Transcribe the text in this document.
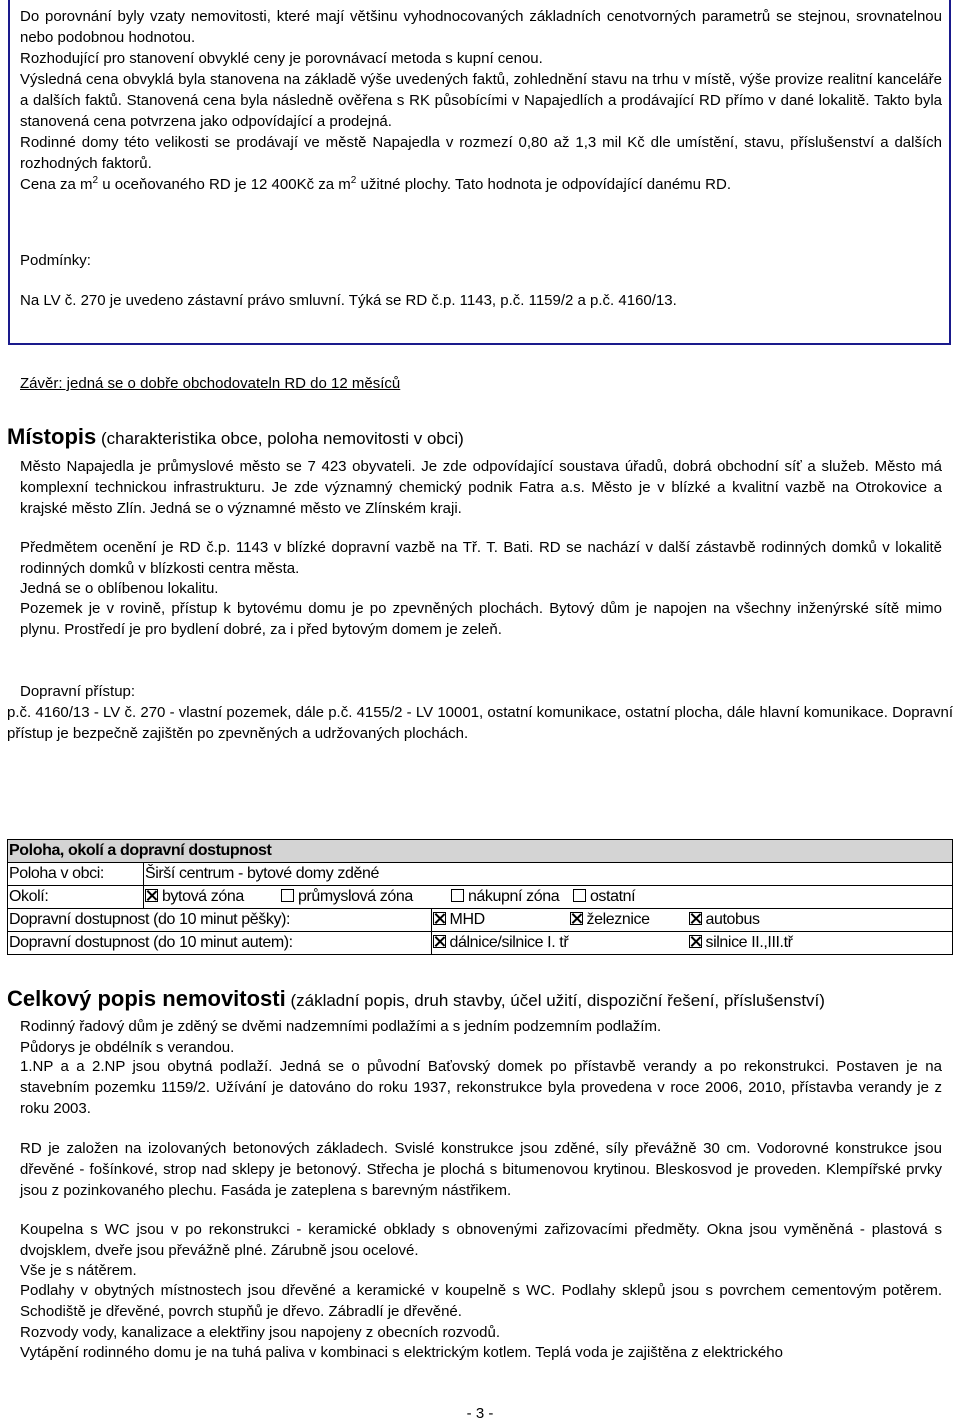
Do porovnání byly vzaty nemovitosti, které mají většinu vyhodnocovaných základních cenotvorných parametrů se stejnou, srovnatelnou nebo podobnou hodnotou.

Rozhodující pro stanovení obvyklé ceny je porovnávací metoda s kupní cenou.

Výsledná cena obvyklá byla stanovena na základě výše uvedených faktů, zohlednění stavu na trhu v místě, výše provize realitní kanceláře a dalších faktů. Stanovená cena byla následně ověřena s RK působícími v Napajedlích a prodávající RD přímo v dané lokalitě. Takto byla stanovená cena potvrzena jako odpovídající a prodejná.

Rodinné domy této velikosti se prodávají ve městě Napajedla v rozmezí 0,80 až 1,3 mil Kč dle umístění, stavu, příslušenství a dalších rozhodných faktorů.

Cena za $m^2$ u oceňovaného RD je 12 400Kč za $m^2$ užitné plochy. Tato hodnota je odpovídající danému RD.

Podmínky:

Na LV č. 270 je uvedeno zástavní právo smluvní. Týká se RD č.p. 1143, p.č. 1159/2 a p.č. 4160/13.

Závěr: jedná se o dobře obchodovateln RD do 12 měsíců

Místopis (charakteristika obce, poloha nemovitosti v obci)

Město Napajedla je průmyslové město se 7 423 obyvateli. Je zde odpovídající soustava úřadů, dobrá obchodní síť a služeb. Město má komplexní technickou infrastrukturu. Je zde významný chemický podnik Fatra a.s. Město je v blízké a kvalitní vazbě na Otrokovice a krajské město Zlín. Jedná se o významné město ve Zlínském kraji.

Předmětem ocenění je RD č.p. 1143 v blízké dopravní vazbě na Tř. T. Bati. RD se nachází v další zástavbě rodinných domků v lokalitě rodinných domků v blízkosti centra města.

Jedná se o oblíbenou lokalitu.

Pozemek je v rovině, přístup k bytovému domu je po zpevněných plochách. Bytový dům je napojen na všechny inženýrské sítě mimo plynu. Prostředí je pro bydlení dobré, za i před bytovým domem je zeleň.

Dopravní přístup:

p.č. 4160/13 - LV č. 270 - vlastní pozemek, dále p.č. 4155/2 - LV 10001, ostatní komunikace, ostatní plocha, dále hlavní komunikace. Dopravní přístup je bezpečně zajištěn po zpevněných a udržovaných plochách.

Poloha, okolí a dopravní dostupnost		
Poloha v obci:	Širší centrum - bytové domy zděné	
Okolí:	bytová zóna průmyslová zóna nákupní zóna ostatní	
Dopravní dostupnost (do 10 minut pěšky):		MHD železnice autobus
Dopravní dostupnost (do 10 minut autem):		dálnice/silnice I. tř silnice II.,III.tř
Celkový popis nemovitosti (základní popis, druh stavby, účel užití, dispoziční řešení, příslušenství)

Rodinný řadový dům je zděný se dvěmi nadzemními podlažími a s jedním podzemním podlažím.

Půdorys je obdélník s verandou.

1.NP a a 2.NP jsou obytná podlaží. Jedná se o původní Baťovský domek po přístavbě verandy a po rekonstrukci. Postaven je na stavebním pozemku 1159/2. Užívání je datováno do roku 1937, rekonstrukce byla provedena v roce 2006, 2010, přístavba verandy je z roku 2003.

RD je založen na izolovaných betonových základech. Svislé konstrukce jsou zděné, síly převážně 30 cm. Vodorovné konstrukce jsou dřevěné - fošínkové, strop nad sklepy je betonový. Střecha je plochá s bitumenovou krytinou. Bleskosvod je proveden. Klempířské prvky jsou z pozinkovaného plechu. Fasáda je zateplena s barevným nástřikem.

Koupelna s WC jsou v po rekonstrukci - keramické obklady s obnovenými zařizovacími předměty. Okna jsou vyměněná - plastová s dvojsklem, dveře jsou převážně plné. Zárubně jsou ocelové.

Vše je s nátěrem.

Podlahy v obytných místnostech jsou dřevěné a keramické v koupelně s WC. Podlahy sklepů jsou s povrchem cementovým potěrem. Schodiště je dřevěné, povrch stupňů je dřevo. Zábradlí je dřevěné.

Rozvody vody, kanalizace a elektřiny jsou napojeny z obecních rozvodů.

Vytápění rodinného domu je na tuhá paliva v kombinaci s elektrickým kotlem. Teplá voda je zajištěna z elektrického

- 3 -
